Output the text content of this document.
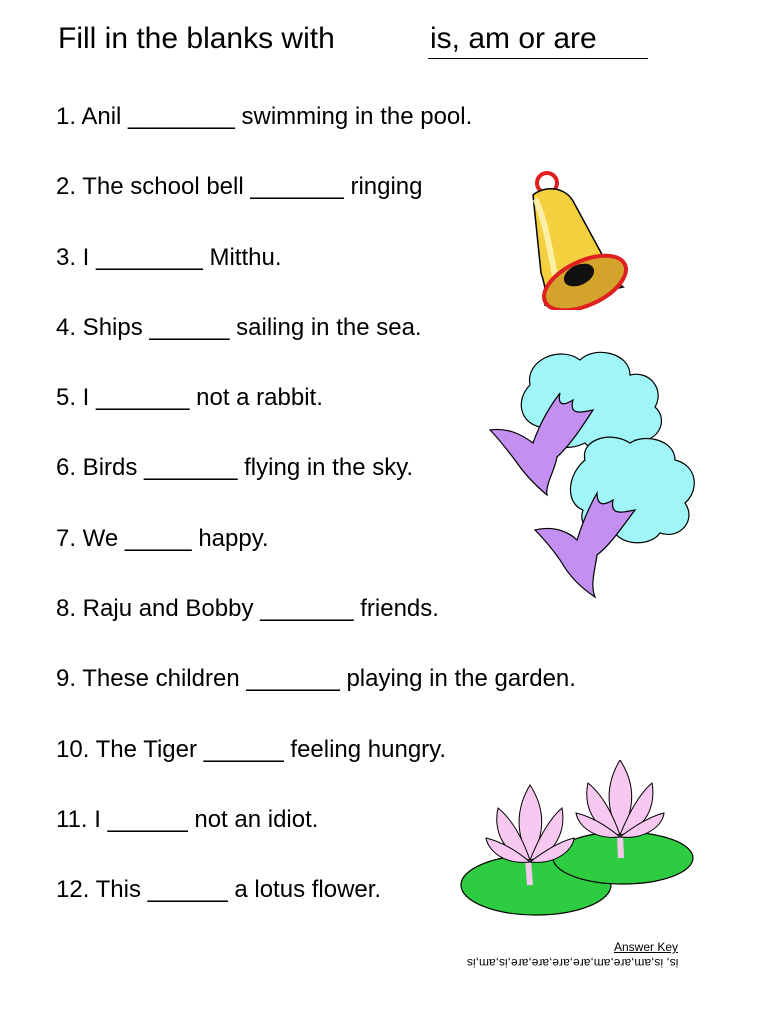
Fill in the blanks with	is, am or are
1. Anil ________ swimming in the pool.
2. The school bell _______ ringing
3. I ________ Mitthu.
4. Ships ______ sailing in the sea.
5. I _______ not a rabbit.
6. Birds _______ flying in the sky.
7. We _____ happy.
8. Raju and Bobby _______ friends.
9. These children _______ playing in the garden.
10. The Tiger ______ feeling hungry.
11. I ______ not an idiot.
12. This ______ a lotus flower.
Answer Key
is, is,am,are,am,are,are,are,are,is,am,is
